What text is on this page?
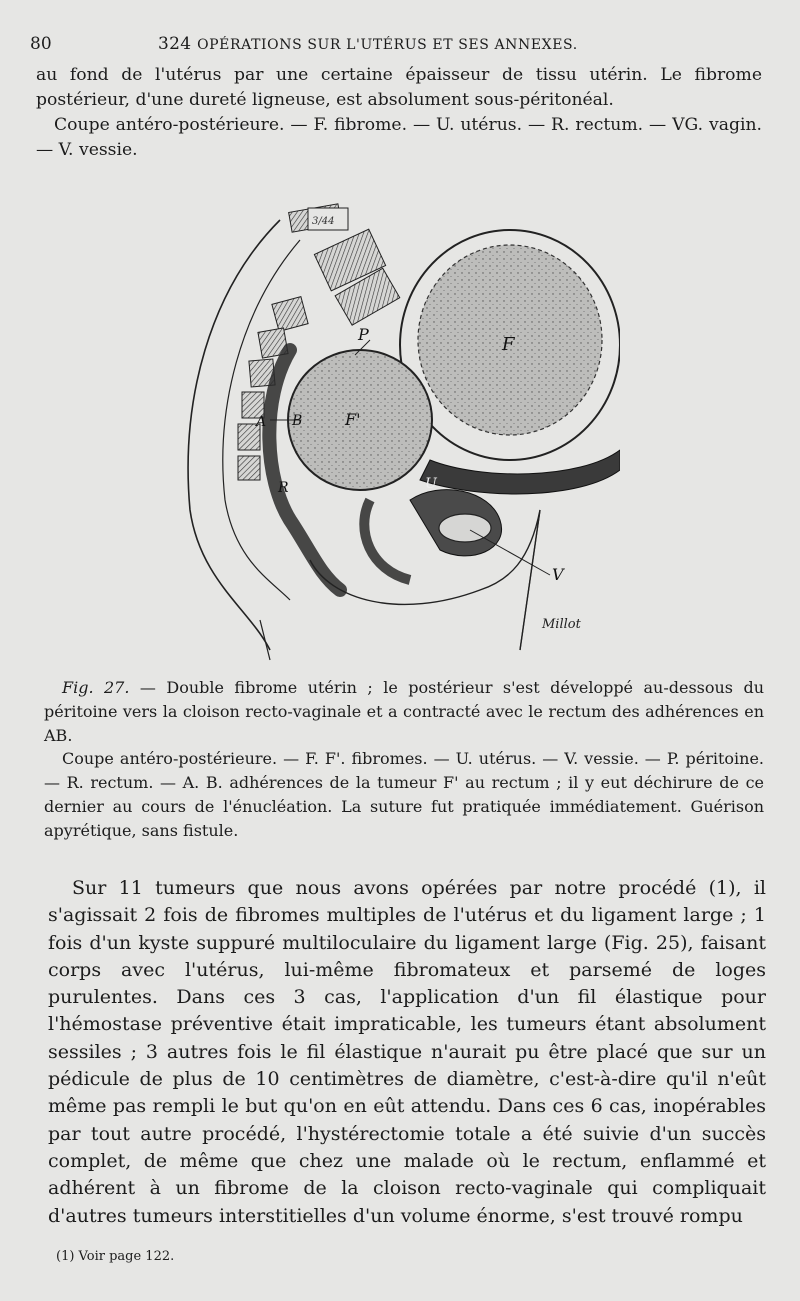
80	324 OPÉRATIONS SUR L'UTÉRUS ET SES ANNEXES.

au fond de l'utérus par une certaine épaisseur de tissu utérin. Le fibrome postérieur, d'une dureté ligneuse, est absolument sous-péritonéal.

Coupe antéro-postérieure. — F. fibrome. — U. utérus. — R. rectum. — VG. vagin. — V. vessie.

3/44
F
F'
P
A B
R	U
V
Millot

Fig. 27. — Double fibrome utérin ; le postérieur s'est développé au-dessous du péritoine vers la cloison recto-vaginale et a contracté avec le rectum des adhérences en AB.

Coupe antéro-postérieure. — F. F'. fibromes. — U. utérus. — V. vessie. — P. péritoine. — R. rectum. — A. B. adhérences de la tumeur F' au rectum ; il y eut déchirure de ce dernier au cours de l'énucléation. La suture fut pratiquée immédiatement. Guérison apyrétique, sans fistule.

Sur 11 tumeurs que nous avons opérées par notre procédé (1), il s'agissait 2 fois de fibromes multiples de l'utérus et du ligament large ; 1 fois d'un kyste suppuré multiloculaire du ligament large (Fig. 25), faisant corps avec l'utérus, lui-même fibromateux et parsemé de loges purulentes. Dans ces 3 cas, l'application d'un fil élastique pour l'hémostase préventive était impraticable, les tumeurs étant absolument sessiles ; 3 autres fois le fil élastique n'aurait pu être placé que sur un pédicule de plus de 10 centimètres de diamètre, c'est-à-dire qu'il n'eût même pas rempli le but qu'on en eût attendu. Dans ces 6 cas, inopérables par tout autre procédé, l'hystérectomie totale a été suivie d'un succès complet, de même que chez une malade où le rectum, enflammé et adhérent à un fibrome de la cloison recto-vaginale qui compliquait d'autres tumeurs interstitielles d'un volume énorme, s'est trouvé rompu

(1) Voir page 122.
